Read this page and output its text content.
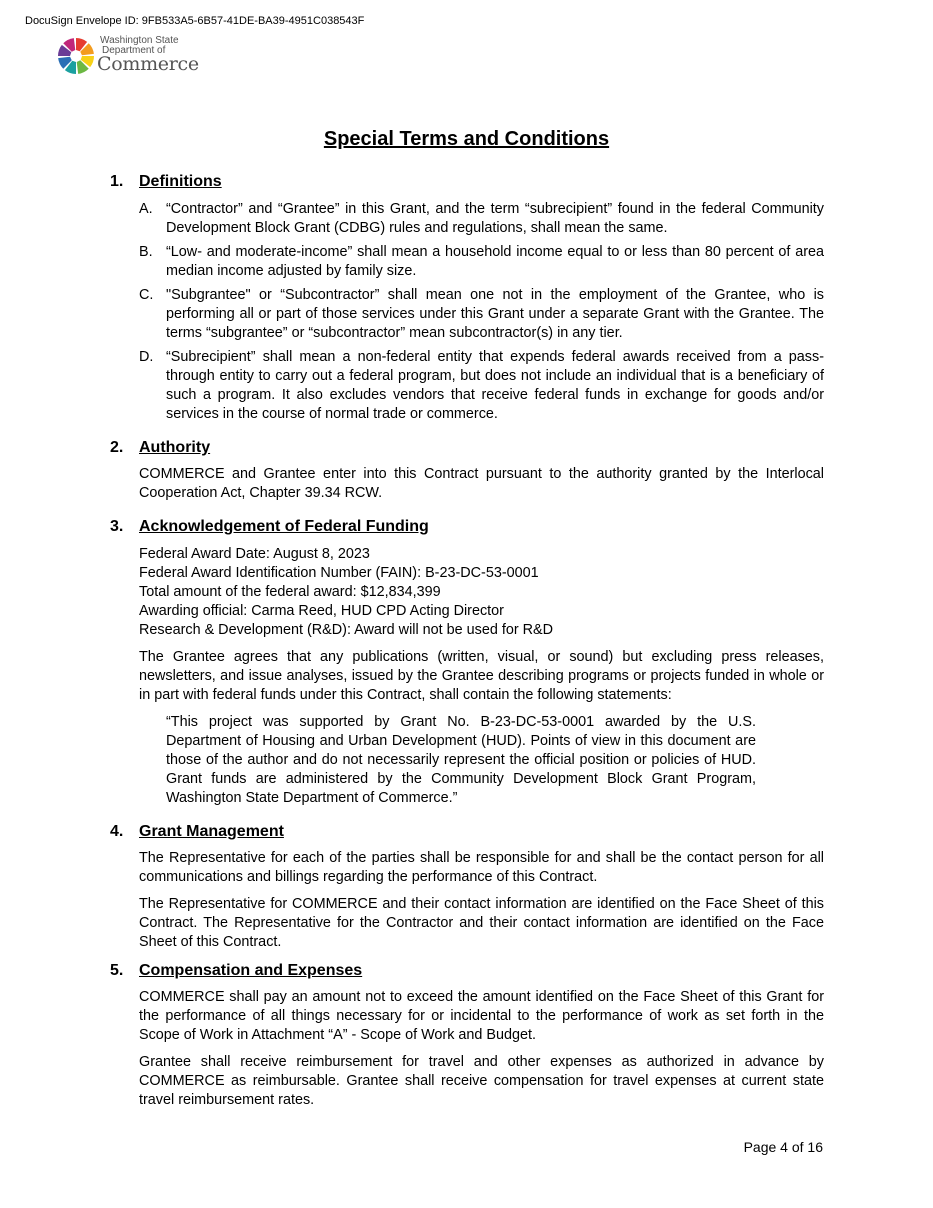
DocuSign Envelope ID: 9FB533A5-6B57-41DE-BA39-4951C038543F
Washington State
Department of
Commerce
Special Terms and Conditions
1. Definitions
A. “Contractor” and “Grantee” in this Grant, and the term “subrecipient” found in the federal Community Development Block Grant (CDBG) rules and regulations, shall mean the same.
B. “Low- and moderate-income” shall mean a household income equal to or less than 80 percent of area median income adjusted by family size.
C. "Subgrantee" or “Subcontractor” shall mean one not in the employment of the Grantee, who is performing all or part of those services under this Grant under a separate Grant with the Grantee. The terms “subgrantee” or “subcontractor” mean subcontractor(s) in any tier.
D. “Subrecipient” shall mean a non-federal entity that expends federal awards received from a pass-through entity to carry out a federal program, but does not include an individual that is a beneficiary of such a program. It also excludes vendors that receive federal funds in exchange for goods and/or services in the course of normal trade or commerce.
2. Authority

COMMERCE and Grantee enter into this Contract pursuant to the authority granted by the Interlocal Cooperation Act, Chapter 39.34 RCW.

3. Acknowledgement of Federal Funding
Federal Award Date: August 8, 2023
Federal Award Identification Number (FAIN): B-23-DC-53-0001
Total amount of the federal award: $12,834,399
Awarding official: Carma Reed, HUD CPD Acting Director
Research & Development (R&D): Award will not be used for R&D

The Grantee agrees that any publications (written, visual, or sound) but excluding press releases, newsletters, and issue analyses, issued by the Grantee describing programs or projects funded in whole or in part with federal funds under this Contract, shall contain the following statements:

“This project was supported by Grant No. B-23-DC-53-0001 awarded by the U.S. Department of Housing and Urban Development (HUD). Points of view in this document are those of the author and do not necessarily represent the official position or policies of HUD. Grant funds are administered by the Community Development Block Grant Program, Washington State Department of Commerce.”

4. Grant Management

The Representative for each of the parties shall be responsible for and shall be the contact person for all communications and billings regarding the performance of this Contract.

The Representative for COMMERCE and their contact information are identified on the Face Sheet of this Contract. The Representative for the Contractor and their contact information are identified on the Face Sheet of this Contract.

5. Compensation and Expenses

COMMERCE shall pay an amount not to exceed the amount identified on the Face Sheet of this Grant for the performance of all things necessary for or incidental to the performance of work as set forth in the Scope of Work in Attachment “A” - Scope of Work and Budget.

Grantee shall receive reimbursement for travel and other expenses as authorized in advance by COMMERCE as reimbursable. Grantee shall receive compensation for travel expenses at current state travel reimbursement rates.

Page 4 of 16
